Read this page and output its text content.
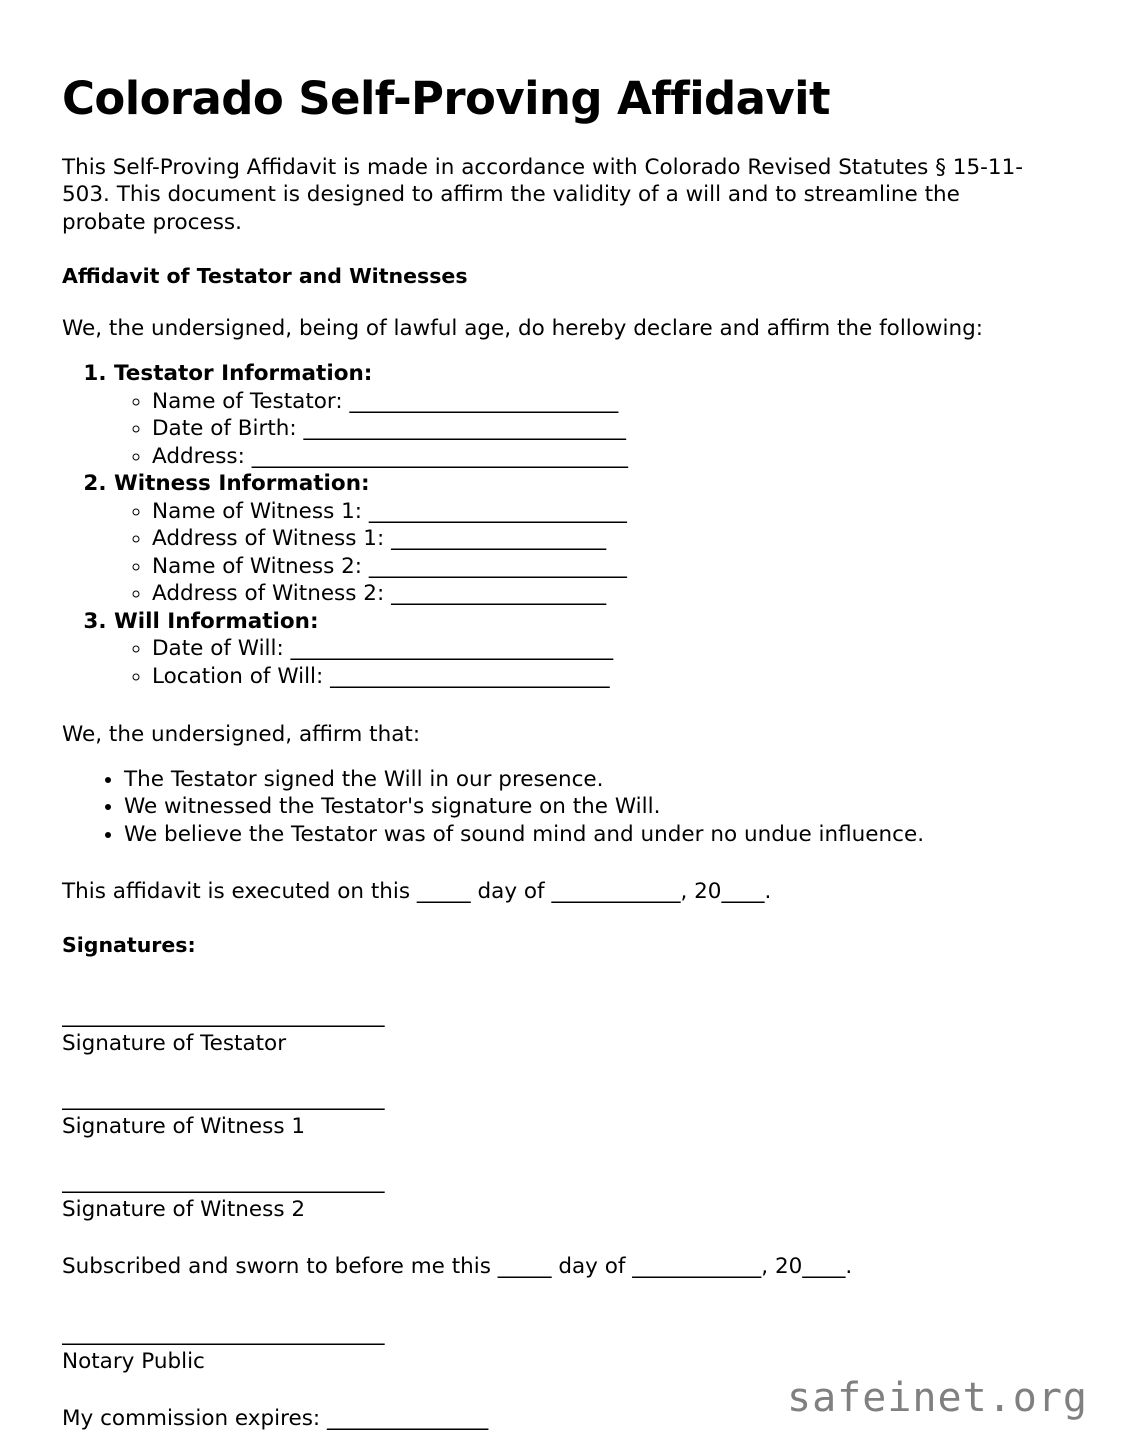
Colorado Self-Proving Affidavit

This Self-Proving Affidavit is made in accordance with Colorado Revised Statutes § 15-11-503. This document is designed to affirm the validity of a will and to streamline the probate process.

Affidavit of Testator and Witnesses

We, the undersigned, being of lawful age, do hereby declare and affirm the following:

1. Testator Information:
◦ Name of Testator: _________________________
◦ Date of Birth: ______________________________
◦ Address: ___________________________________
2. Witness Information:
◦ Name of Witness 1: ________________________
◦ Address of Witness 1: ____________________
◦ Name of Witness 2: ________________________
◦ Address of Witness 2: ____________________
3. Will Information:
◦ Date of Will: ______________________________
◦ Location of Will: __________________________

We, the undersigned, affirm that:

• The Testator signed the Will in our presence.
• We witnessed the Testator's signature on the Will.
• We believe the Testator was of sound mind and under no undue influence.

This affidavit is executed on this _____ day of ____________, 20____.

Signatures:
______________________________
Signature of Testator
______________________________
Signature of Witness 1
______________________________
Signature of Witness 2

Subscribed and sworn to before me this _____ day of ____________, 20____.

______________________________
Notary Public

My commission expires: _______________	safeinet.org
